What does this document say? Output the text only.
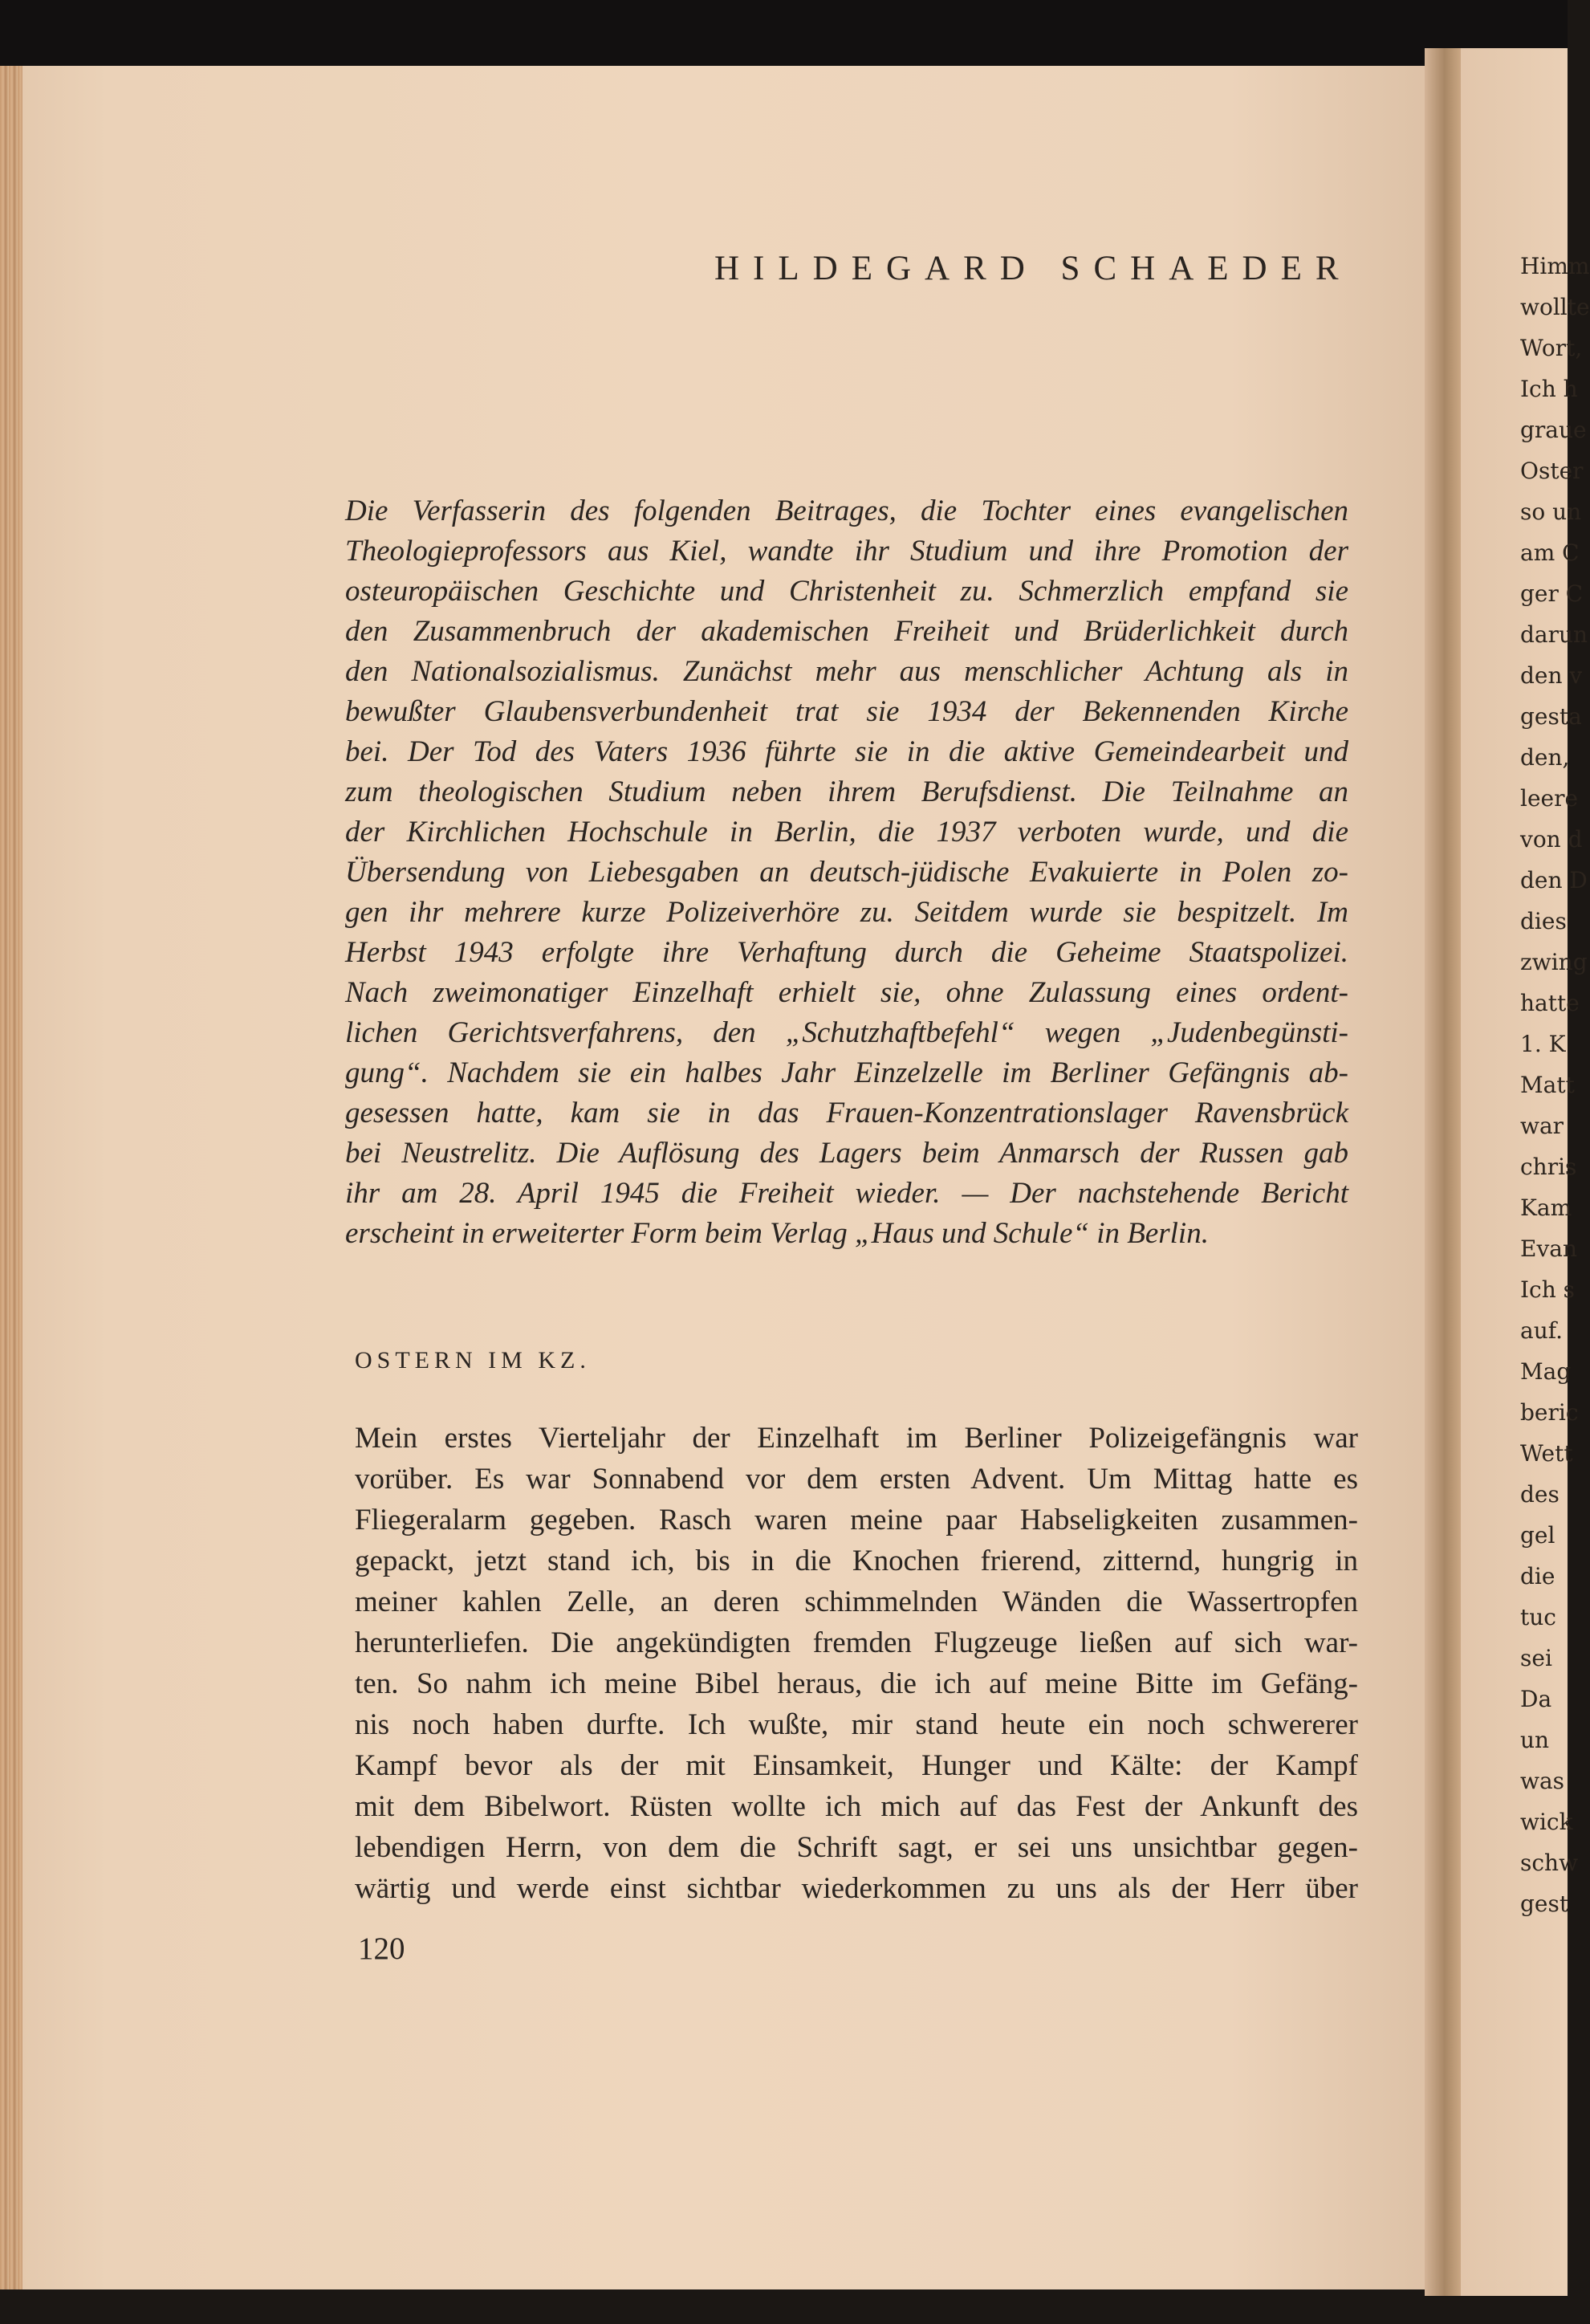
Himm
wollte
Wort,
Ich h
graue
Oster
so un
am C
ger C
darun
den v
gesta
den,
leere
von d
den D
dies
zwing
hatte
1. K
Matt
war
chris
Kam
Evan
Ich s
auf.
Mag
beric
Wett
des
gel
die
tuc
sei
Da
un
was
wick
schw
gest
HILDEGARD SCHAEDER
Die Verfasserin des folgenden Beitrages, die Tochter eines evangelischen
Theologieprofessors aus Kiel, wandte ihr Studium und ihre Promotion der
osteuropäischen Geschichte und Christenheit zu. Schmerzlich empfand sie
den Zusammenbruch der akademischen Freiheit und Brüderlichkeit durch
den Nationalsozialismus. Zunächst mehr aus menschlicher Achtung als in
bewußter Glaubensverbundenheit trat sie 1934 der Bekennenden Kirche
bei. Der Tod des Vaters 1936 führte sie in die aktive Gemeindearbeit und
zum theologischen Studium neben ihrem Berufsdienst. Die Teilnahme an
der Kirchlichen Hochschule in Berlin, die 1937 verboten wurde, und die
Übersendung von Liebesgaben an deutsch-jüdische Evakuierte in Polen zo-
gen ihr mehrere kurze Polizeiverhöre zu. Seitdem wurde sie bespitzelt. Im
Herbst 1943 erfolgte ihre Verhaftung durch die Geheime Staatspolizei.
Nach zweimonatiger Einzelhaft erhielt sie, ohne Zulassung eines ordent-
lichen Gerichtsverfahrens, den „Schutzhaftbefehl“ wegen „Judenbegünsti-
gung“. Nachdem sie ein halbes Jahr Einzelzelle im Berliner Gefängnis ab-
gesessen hatte, kam sie in das Frauen-Konzentrationslager Ravensbrück
bei Neustrelitz. Die Auflösung des Lagers beim Anmarsch der Russen gab
ihr am 28. April 1945 die Freiheit wieder. — Der nachstehende Bericht
erscheint in erweiterter Form beim Verlag „Haus und Schule“ in Berlin.
OSTERN IM KZ.
Mein erstes Vierteljahr der Einzelhaft im Berliner Polizeigefängnis war
vorüber. Es war Sonnabend vor dem ersten Advent. Um Mittag hatte es
Fliegeralarm gegeben. Rasch waren meine paar Habseligkeiten zusammen-
gepackt, jetzt stand ich, bis in die Knochen frierend, zitternd, hungrig in
meiner kahlen Zelle, an deren schimmelnden Wänden die Wassertropfen
herunterliefen. Die angekündigten fremden Flugzeuge ließen auf sich war-
ten. So nahm ich meine Bibel heraus, die ich auf meine Bitte im Gefäng-
nis noch haben durfte. Ich wußte, mir stand heute ein noch schwererer
Kampf bevor als der mit Einsamkeit, Hunger und Kälte: der Kampf
mit dem Bibelwort. Rüsten wollte ich mich auf das Fest der Ankunft des
lebendigen Herrn, von dem die Schrift sagt, er sei uns unsichtbar gegen-
wärtig und werde einst sichtbar wiederkommen zu uns als der Herr über
120
